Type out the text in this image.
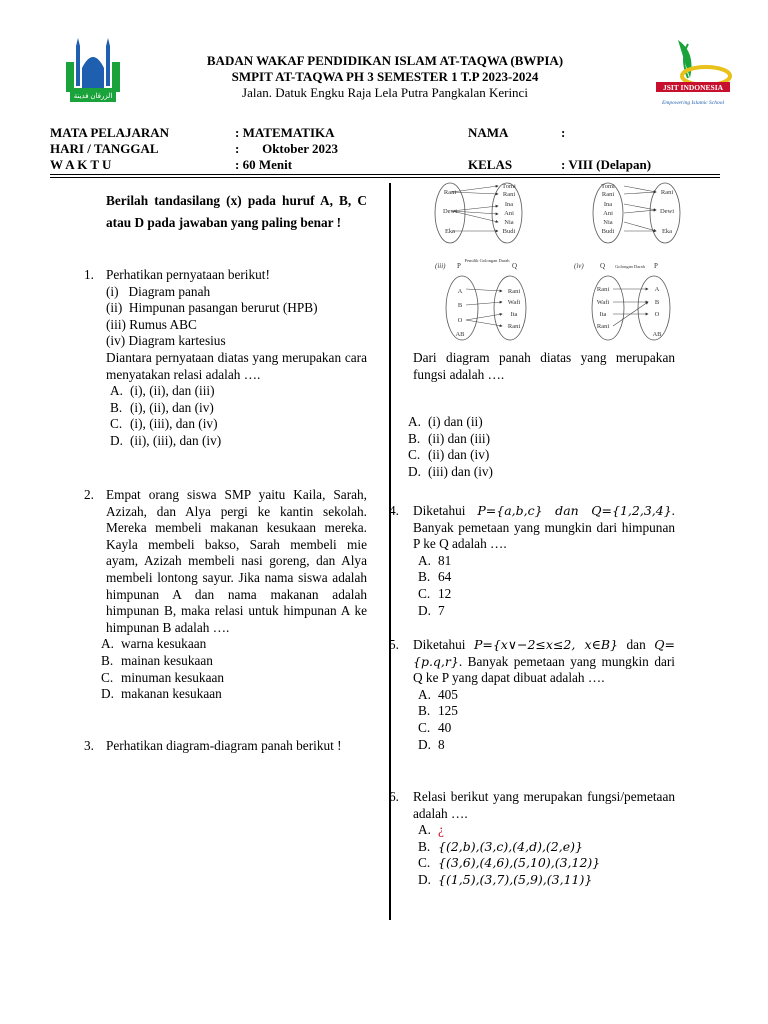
الزرقان فدينة
JSIT INDONESIA
Empowering Islamic School
BADAN WAKAF PENDIDIKAN ISLAM AT-TAQWA (BWPIA)
SMPIT AT-TAQWA PH 3 SEMESTER 1 T.P 2023-2024
Jalan. Datuk Engku Raja Lela Putra Pangkalan Kerinci
MATA PELAJARAN	: MATEMATIKA	NAMA	:
HARI / TANGGAL	:       Oktober 2023
W A K T U	: 60 Menit	KELAS	: VIII (Delapan)
Berilah tandasilang (x) pada huruf A, B, C atau D pada jawaban yang paling benar !
1. Perhatikan pernyataan berikut!
(i)   Diagram panah
(ii)  Himpunan pasangan berurut (HPB)
(iii) Rumus ABC
(iv) Diagram kartesius
Diantara pernyataan diatas yang merupakan cara menyatakan relasi adalah ….
A. (i), (ii), dan (iii)
B. (i), (ii), dan (iv)
C. (i), (iii), dan (iv)
D. (ii), (iii), dan (iv)
2. Empat orang siswa SMP yaitu Kaila, Sarah, Azizah, dan Alya pergi ke kantin sekolah. Mereka membeli makanan kesukaan mereka. Kayla membeli bakso, Sarah membeli mie ayam, Azizah membeli nasi goreng, dan Alya membeli lontong sayur. Jika nama siswa adalah himpunan A dan nama makanan adalah himpunan B, maka relasi untuk himpunan A ke himpunan B adalah ….
A. warna kesukaan
B. mainan kesukaan
C. minuman kesukaan
D. makanan kesukaan
3. Perhatikan diagram-diagram panah berikut !
Rani
Dewi
Eka
Tomi
Rani
Ina
Ani
Nia
Budi
Tomi
Rani
Ina
Ani
Nia
Budi
Rani
Dewi
Eka
A
B
O
AB
Rani
Wafi
Ita
Rani
Rani
Wafi
Ita
Rani
A
B
O
AB
(iii) P	Q
Pemilik Golongan Darah
(iv) Q	P
Golongan Darah
Dari diagram panah diatas yang merupakan fungsi adalah ….
A. (i) dan (ii)
B. (ii) dan (iii)
C. (ii) dan (iv)
D. (iii) dan (iv)
4. Diketahui P={a,b,c} dan Q={1,2,3,4}. Banyak pemetaan yang mungkin dari himpunan P ke Q adalah ….
A. 81
B. 64
C. 12
D. 7
5. Diketahui P={x∨−2≤x≤2, x∈B} dan Q={p.q,r}. Banyak pemetaan yang mungkin dari Q ke P yang dapat dibuat adalah ….
A. 405
B. 125
C. 40
D. 8
6. Relasi berikut yang merupakan fungsi/pemetaan adalah ….
A. ¿
B. {(2,b),(3,c),(4,d),(2,e)}
C. {(3,6),(4,6),(5,10),(3,12)}
D. {(1,5),(3,7),(5,9),(3,11)}
